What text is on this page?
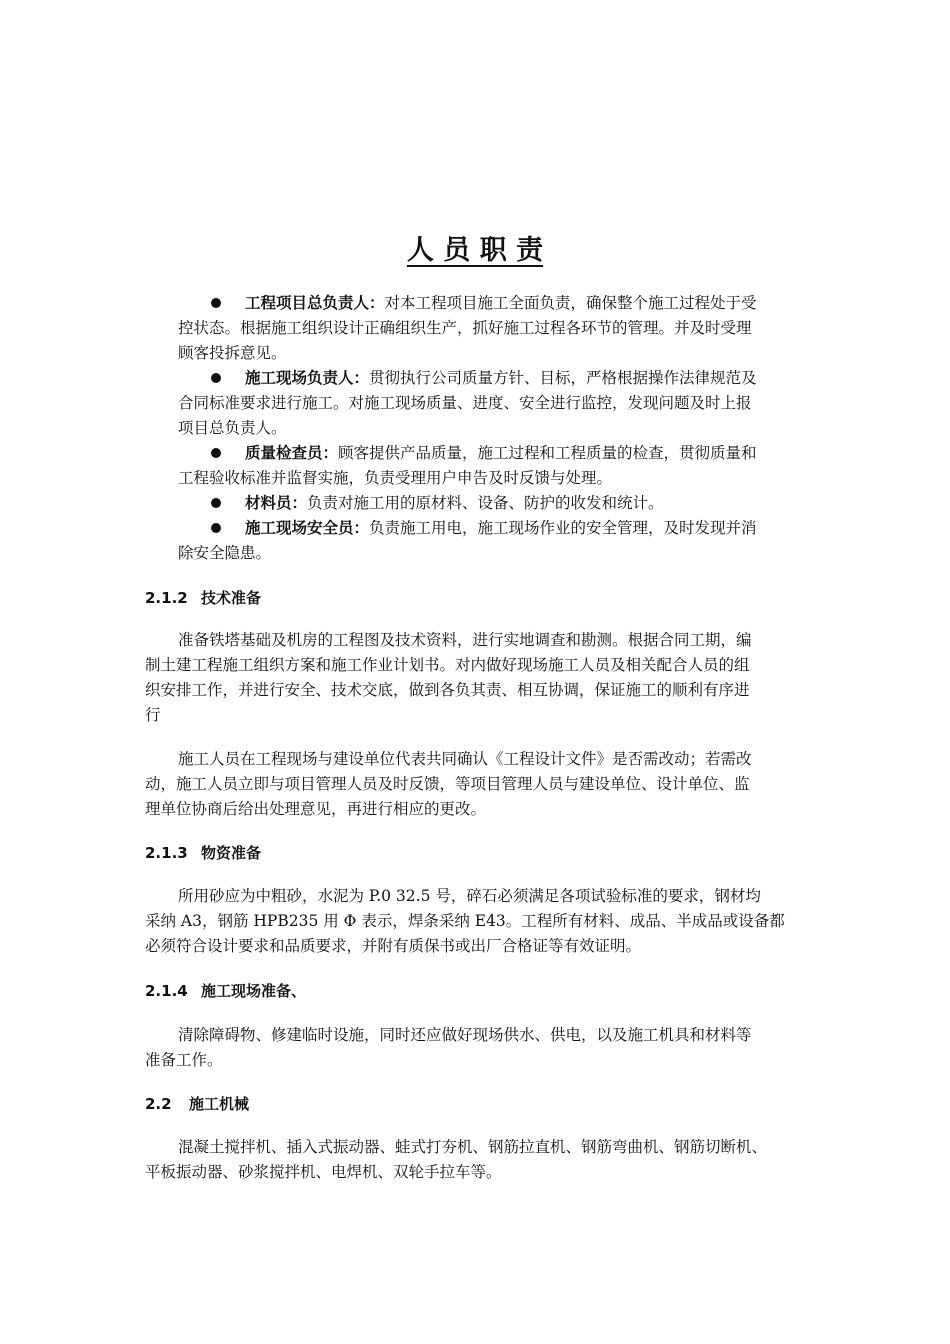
人 员 职 责
工程项目总负责人：对本工程项目施工全面负责，确保整个施工过程处于受
控状态。根据施工组织设计正确组织生产，抓好施工过程各环节的管理。并及时受理
顾客投拆意见。
施工现场负责人：贯彻执行公司质量方针、目标，严格根据操作法律规范及
合同标准要求进行施工。对施工现场质量、进度、安全进行监控，发现问题及时上报
项目总负责人。
质量检查员：顾客提供产品质量，施工过程和工程质量的检查，贯彻质量和
工程验收标准并监督实施，负责受理用户申告及时反馈与处理。
材料员：负责对施工用的原材料、设备、防护的收发和统计。
施工现场安全员：负责施工用电，施工现场作业的安全管理，及时发现并消
除安全隐患。
2.1.2 技术准备
准备铁塔基础及机房的工程图及技术资料，进行实地调查和勘测。根据合同工期，编
制土建工程施工组织方案和施工作业计划书。对内做好现场施工人员及相关配合人员的组
织安排工作，并进行安全、技术交底，做到各负其责、相互协调，保证施工的顺利有序进
行
施工人员在工程现场与建设单位代表共同确认《工程设计文件》是否需改动；若需改
动，施工人员立即与项目管理人员及时反馈，等项目管理人员与建设单位、设计单位、监
理单位协商后给出处理意见，再进行相应的更改。
2.1.3 物资准备
所用砂应为中粗砂，水泥为 P.0 32.5 号，碎石必须满足各项试验标准的要求，钢材均
采纳 A3，钢筋 HPB235 用 Φ 表示，焊条采纳 E43。工程所有材料、成品、半成品或设备都
必须符合设计要求和品质要求，并附有质保书或出厂合格证等有效证明。
2.1.4 施工现场准备、
清除障碍物、修建临时设施，同时还应做好现场供水、供电，以及施工机具和材料等
准备工作。
2.2 施工机械
混凝土搅拌机、插入式振动器、蛙式打夯机、钢筋拉直机、钢筋弯曲机、钢筋切断机、
平板振动器、砂浆搅拌机、电焊机、双轮手拉车等。
